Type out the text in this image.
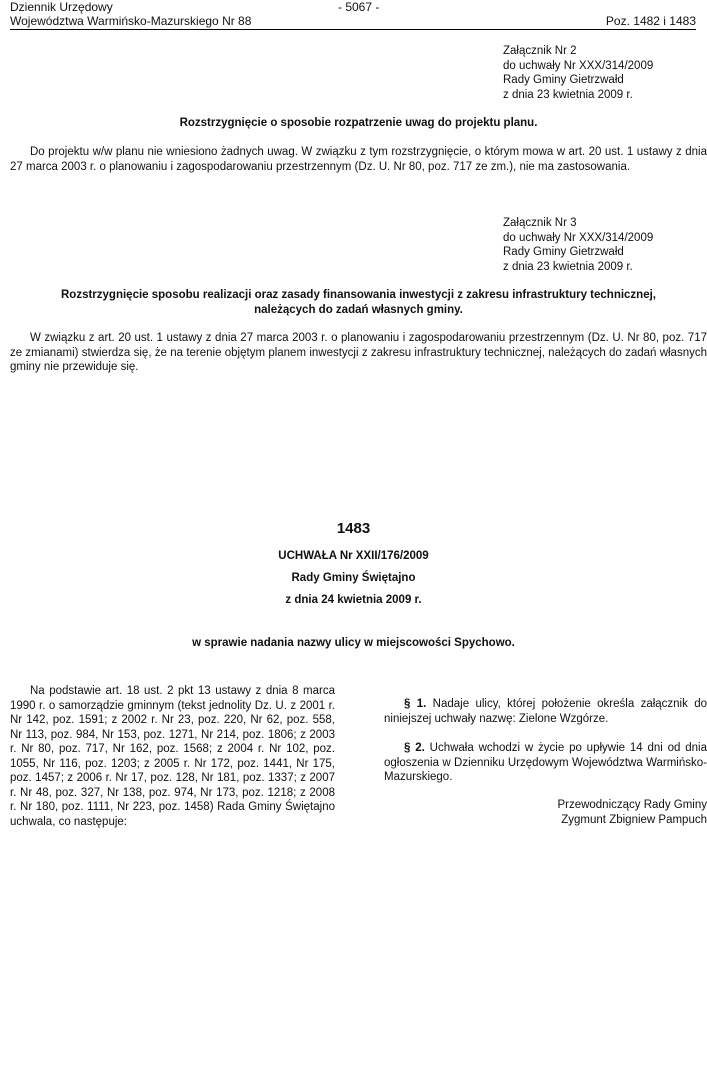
Dziennik Urzędowy
Województwa Warmińsko-Mazurskiego Nr 88
- 5067 -
Poz. 1482 i 1483
Załącznik Nr 2
do uchwały Nr XXX/314/2009
Rady Gminy Gietrzwałd
z dnia 23 kwietnia 2009 r.
Rozstrzygnięcie o sposobie rozpatrzenie uwag do projektu planu.
Do projektu w/w planu nie wniesiono żadnych uwag. W związku z tym rozstrzygnięcie, o którym mowa w art. 20 ust. 1 ustawy z dnia 27 marca 2003 r. o planowaniu i zagospodarowaniu przestrzennym (Dz. U. Nr 80, poz. 717 ze zm.), nie ma zastosowania.
Załącznik Nr 3
do uchwały Nr XXX/314/2009
Rady Gminy Gietrzwałd
z dnia 23 kwietnia 2009 r.
Rozstrzygnięcie sposobu realizacji oraz zasady finansowania inwestycji z zakresu infrastruktury technicznej,
należących do zadań własnych gminy.
W związku z art. 20 ust. 1 ustawy z dnia 27 marca 2003 r. o planowaniu i zagospodarowaniu przestrzennym (Dz. U. Nr 80, poz. 717 ze zmianami) stwierdza się, że na terenie objętym planem inwestycji z zakresu infrastruktury technicznej, należących do zadań własnych gminy nie przewiduje się.
1483
UCHWAŁA Nr XXII/176/2009
Rady Gminy Świętajno
z dnia 24 kwietnia 2009 r.
w sprawie nadania nazwy ulicy w miejscowości Spychowo.
Na podstawie art. 18 ust. 2 pkt 13 ustawy z dnia 8 marca 1990 r. o samorządzie gminnym (tekst jednolity Dz. U. z 2001 r. Nr 142, poz. 1591; z 2002 r. Nr 23, poz. 220, Nr 62, poz. 558, Nr 113, poz. 984, Nr 153, poz. 1271, Nr 214, poz. 1806; z 2003 r. Nr 80, poz. 717, Nr 162, poz. 1568; z 2004 r. Nr 102, poz. 1055, Nr 116, poz. 1203; z 2005 r. Nr 172, poz. 1441, Nr 175, poz. 1457; z 2006 r. Nr 17, poz. 128, Nr 181, poz. 1337; z 2007 r. Nr 48, poz. 327, Nr 138, poz. 974, Nr 173, poz. 1218; z 2008 r. Nr 180, poz. 1111, Nr 223, poz. 1458) Rada Gminy Świętajno uchwala, co następuje:

§ 1. Nadaje ulicy, której położenie określa załącznik do niniejszej uchwały nazwę: Zielone Wzgórze.

§ 2. Uchwała wchodzi w życie po upływie 14 dni od dnia ogłoszenia w Dzienniku Urzędowym Województwa Warmińsko-Mazurskiego.

Przewodniczący Rady Gminy
Zygmunt Zbigniew Pampuch
